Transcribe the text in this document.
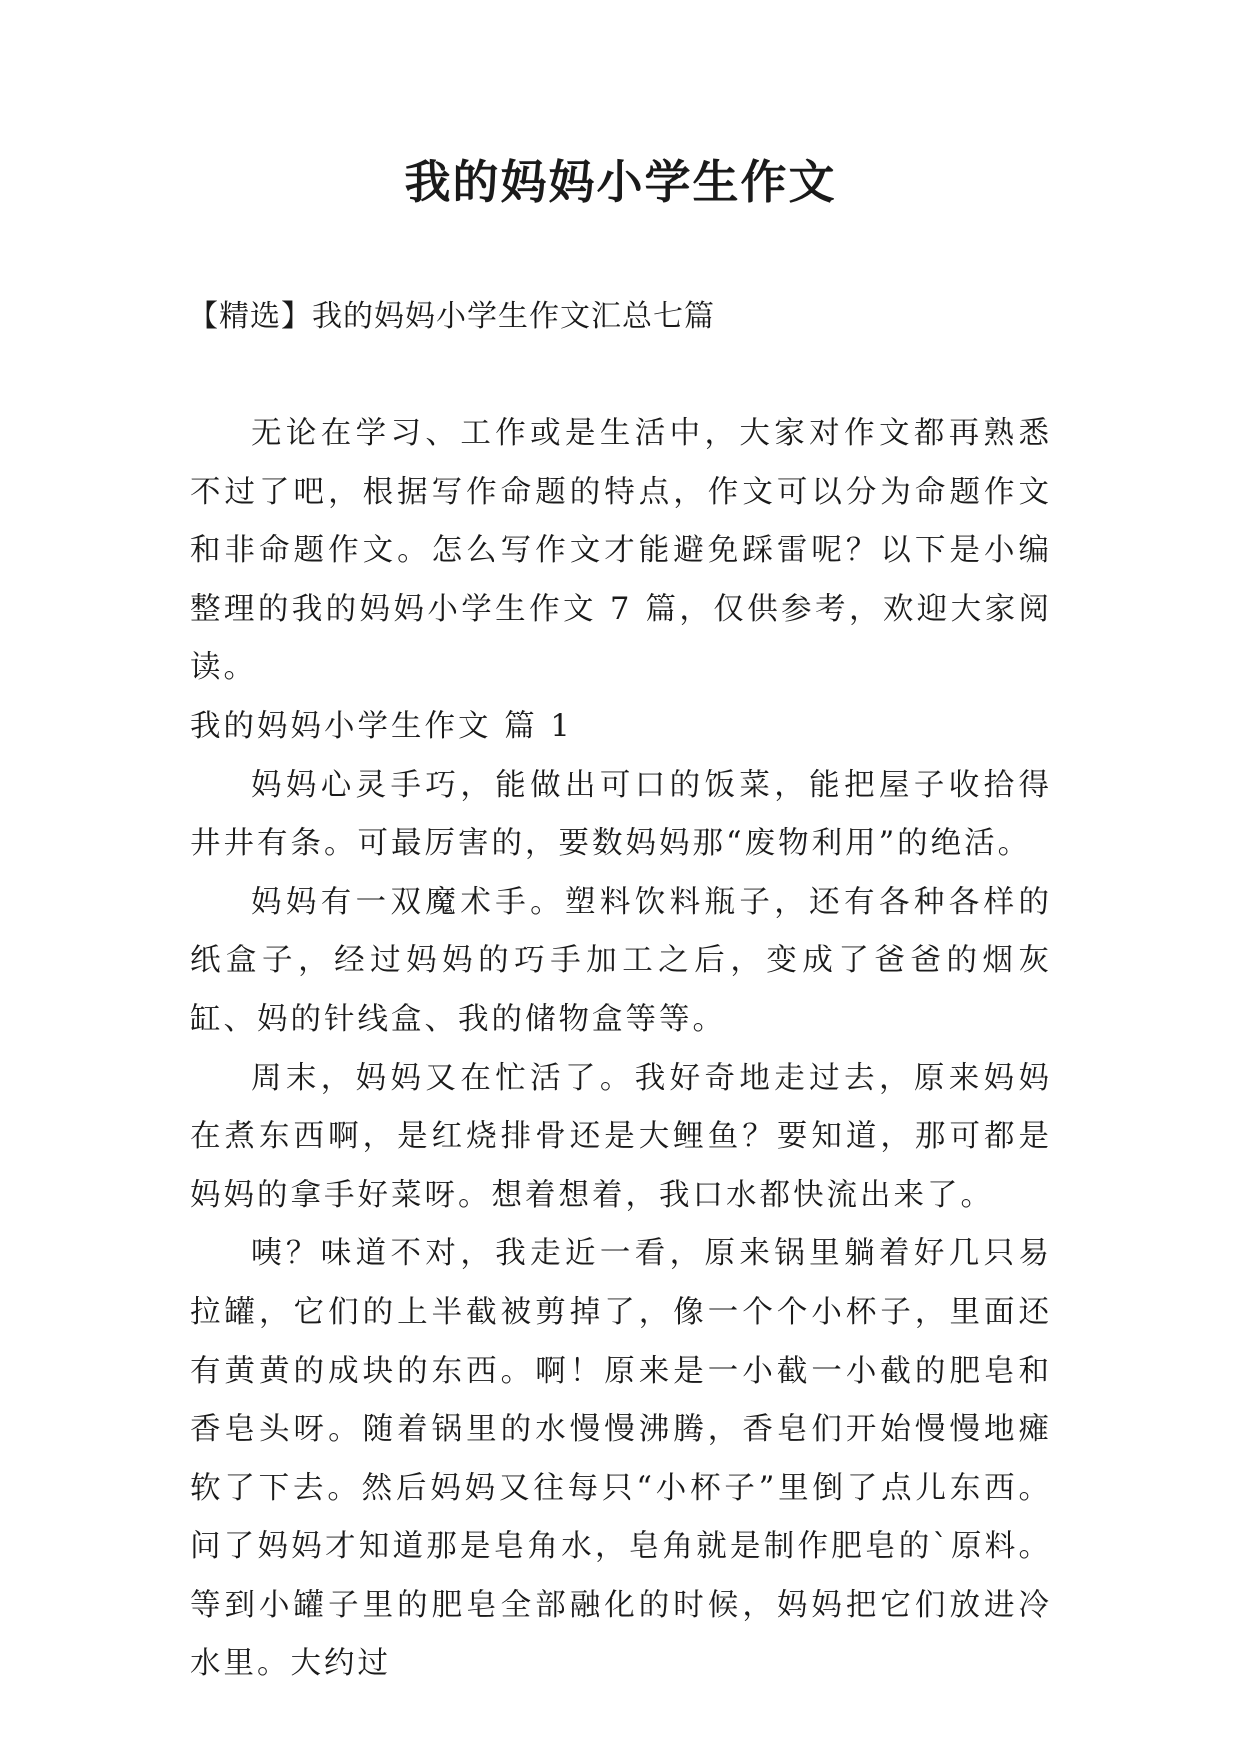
我的妈妈小学生作文
【精选】我的妈妈小学生作文汇总七篇

无论在学习、工作或是生活中，大家对作文都再熟悉不过了吧，根据写作命题的特点，作文可以分为命题作文和非命题作文。怎么写作文才能避免踩雷呢？以下是小编整理的我的妈妈小学生作文 7 篇，仅供参考，欢迎大家阅读。

我的妈妈小学生作文 篇 1

妈妈心灵手巧，能做出可口的饭菜，能把屋子收拾得井井有条。可最厉害的，要数妈妈那“废物利用”的绝活。

妈妈有一双魔术手。塑料饮料瓶子，还有各种各样的纸盒子，经过妈妈的巧手加工之后，变成了爸爸的烟灰缸、妈的针线盒、我的储物盒等等。

周末，妈妈又在忙活了。我好奇地走过去，原来妈妈在煮东西啊，是红烧排骨还是大鲤鱼？要知道，那可都是妈妈的拿手好菜呀。想着想着，我口水都快流出来了。

咦？味道不对，我走近一看，原来锅里躺着好几只易拉罐，它们的上半截被剪掉了，像一个个小杯子，里面还有黄黄的成块的东西。啊！原来是一小截一小截的肥皂和香皂头呀。随着锅里的水慢慢沸腾，香皂们开始慢慢地瘫软了下去。然后妈妈又往每只“小杯子”里倒了点儿东西。问了妈妈才知道那是皂角水，皂角就是制作肥皂的`原料。等到小罐子里的肥皂全部融化的时候，妈妈把它们放进冷水里。大约过
